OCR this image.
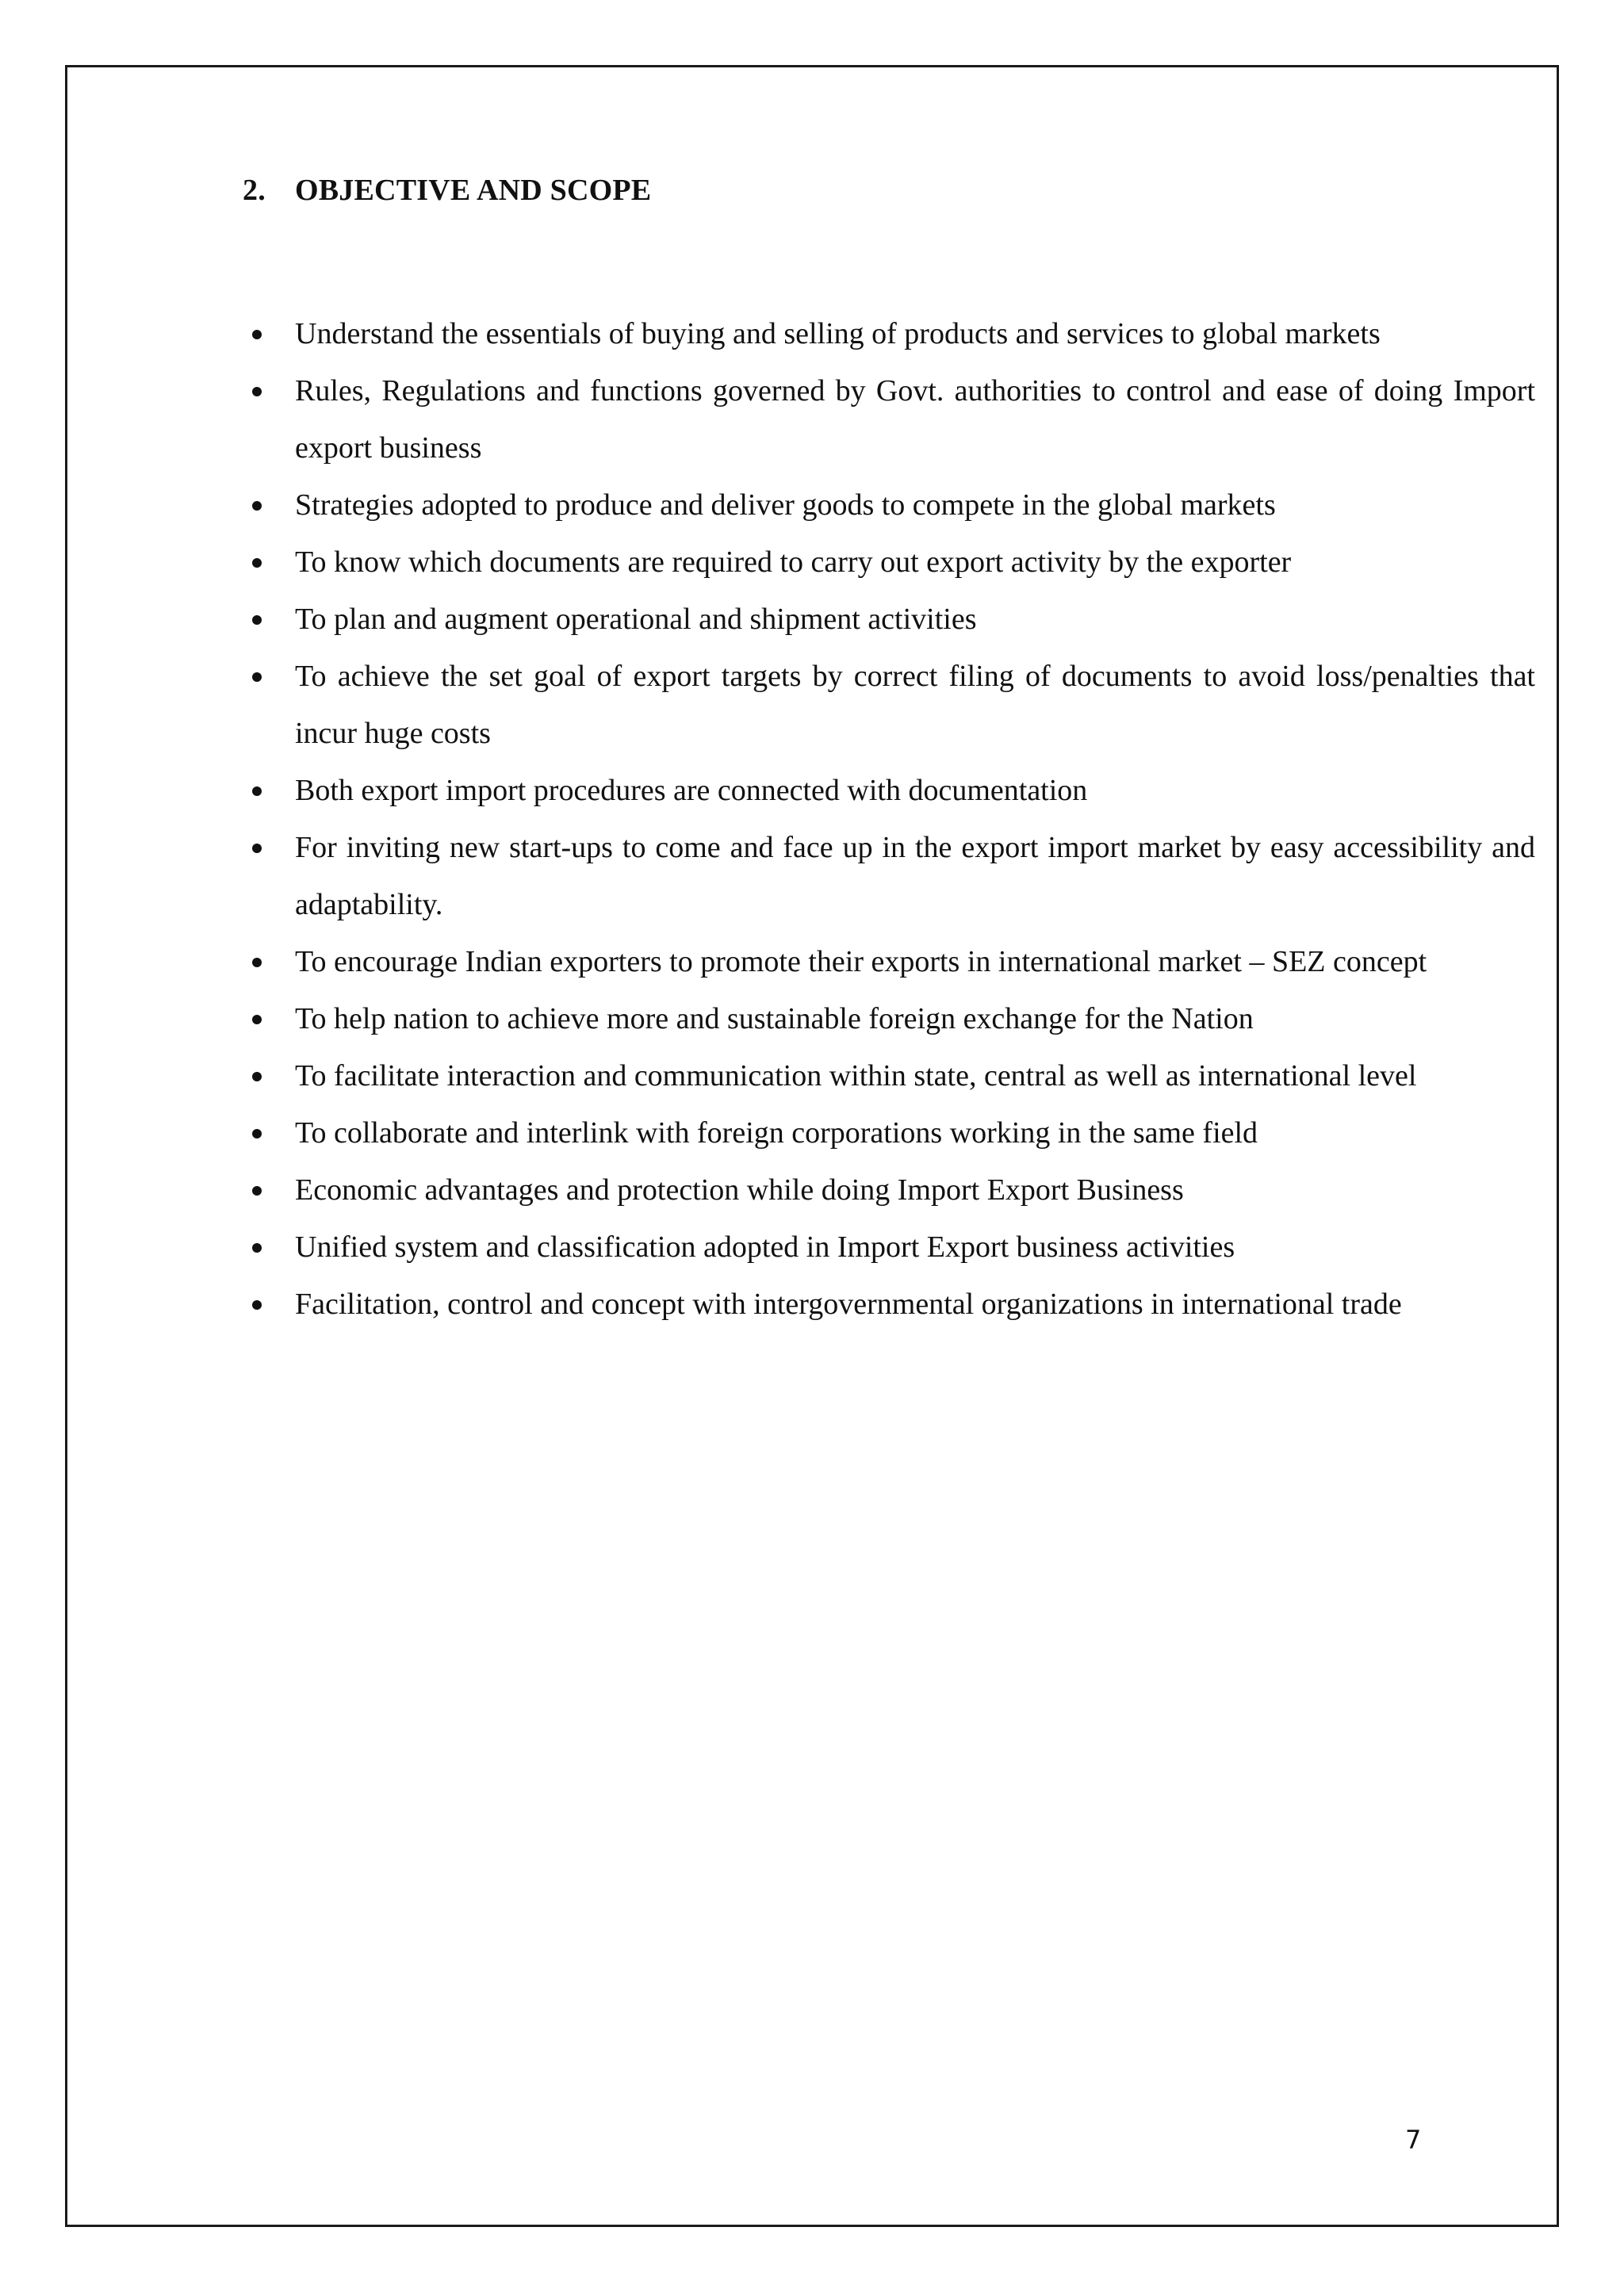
2. OBJECTIVE AND SCOPE
Understand the essentials of buying and selling of products and services to global markets
Rules, Regulations and functions governed by Govt. authorities to control and ease of doing Import export business
Strategies adopted to produce and deliver goods to compete in the global markets
To know which documents are required to carry out export activity by the exporter
To plan and augment operational and shipment activities
To achieve the set goal of export targets by correct filing of documents to avoid loss/penalties that incur huge costs
Both export import procedures are connected with documentation
For inviting new start-ups to come and face up in the export import market by easy accessibility and adaptability.
To encourage Indian exporters to promote their exports in international market – SEZ concept
To help nation to achieve more and sustainable foreign exchange for the Nation
To facilitate interaction and communication within state, central as well as international level
To collaborate and interlink with foreign corporations working in the same field
Economic advantages and protection while doing Import Export Business
Unified system and classification adopted in Import Export business activities
Facilitation, control and concept with intergovernmental organizations in international trade
7
